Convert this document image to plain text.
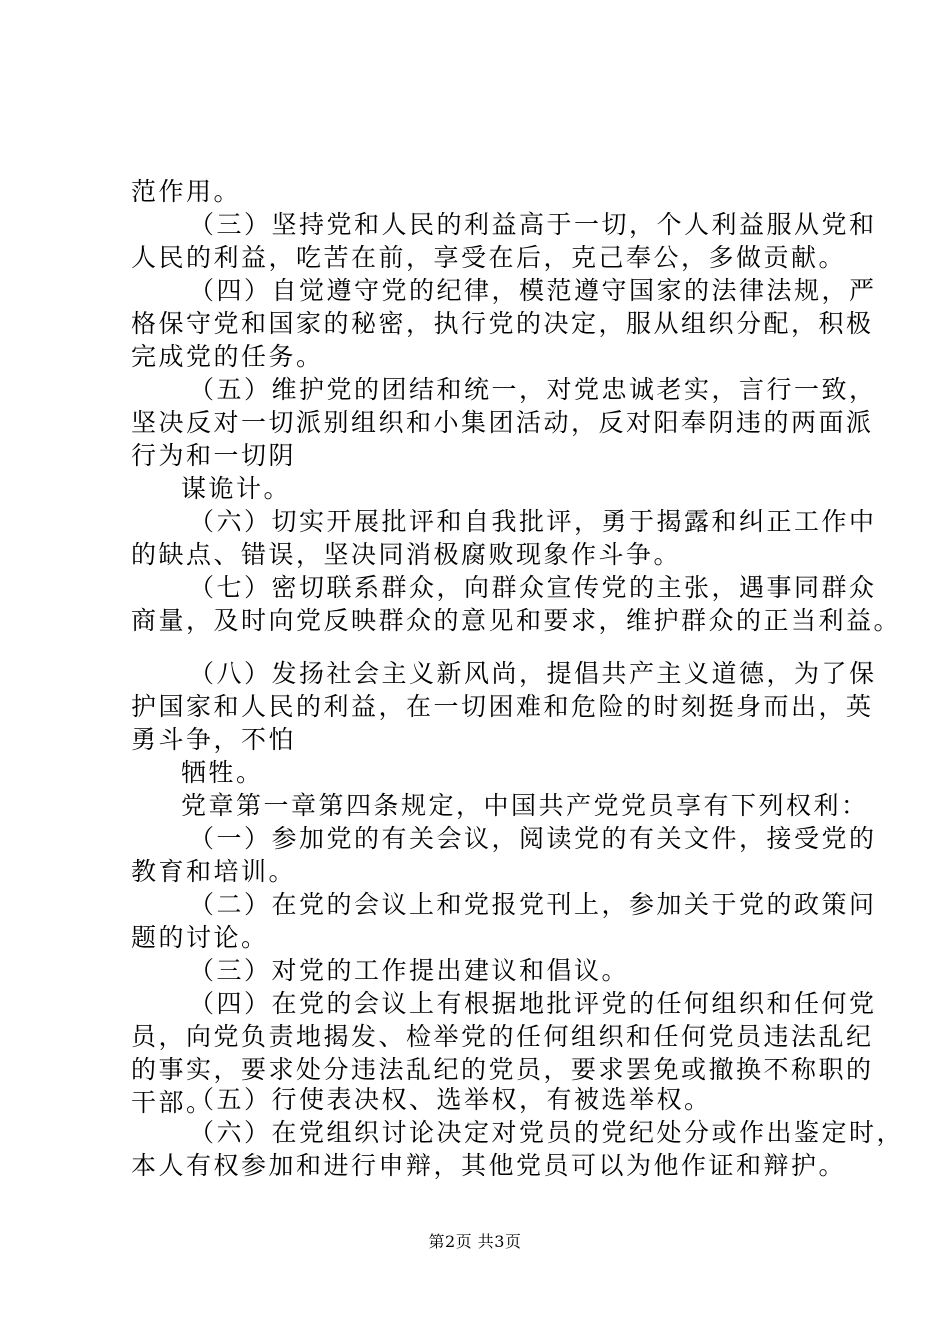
范作用。
（三）坚持党和人民的利益高于一切，个人利益服从党和
人民的利益，吃苦在前，享受在后，克己奉公，多做贡献。
（四）自觉遵守党的纪律，模范遵守国家的法律法规，严
格保守党和国家的秘密，执行党的决定，服从组织分配，积极
完成党的任务。
（五）维护党的团结和统一，对党忠诚老实，言行一致，
坚决反对一切派别组织和小集团活动，反对阳奉阴违的两面派
行为和一切阴
谋诡计。
（六）切实开展批评和自我批评，勇于揭露和纠正工作中
的缺点、错误，坚决同消极腐败现象作斗争。
（七）密切联系群众，向群众宣传党的主张，遇事同群众
商量，及时向党反映群众的意见和要求，维护群众的正当利益。
（八）发扬社会主义新风尚，提倡共产主义道德，为了保
护国家和人民的利益，在一切困难和危险的时刻挺身而出，英
勇斗争，不怕
牺牲。
党章第一章第四条规定，中国共产党党员享有下列权利：
（一）参加党的有关会议，阅读党的有关文件，接受党的
教育和培训。
（二）在党的会议上和党报党刊上，参加关于党的政策问
题的讨论。
（三）对党的工作提出建议和倡议。
（四）在党的会议上有根据地批评党的任何组织和任何党
员，向党负责地揭发、检举党的任何组织和任何党员违法乱纪
的事实，要求处分违法乱纪的党员，要求罢免或撤换不称职的
干部。
（五）行使表决权、选举权，有被选举权。
（六）在党组织讨论决定对党员的党纪处分或作出鉴定时，
本人有权参加和进行申辩，其他党员可以为他作证和辩护。
第2页 共3页
